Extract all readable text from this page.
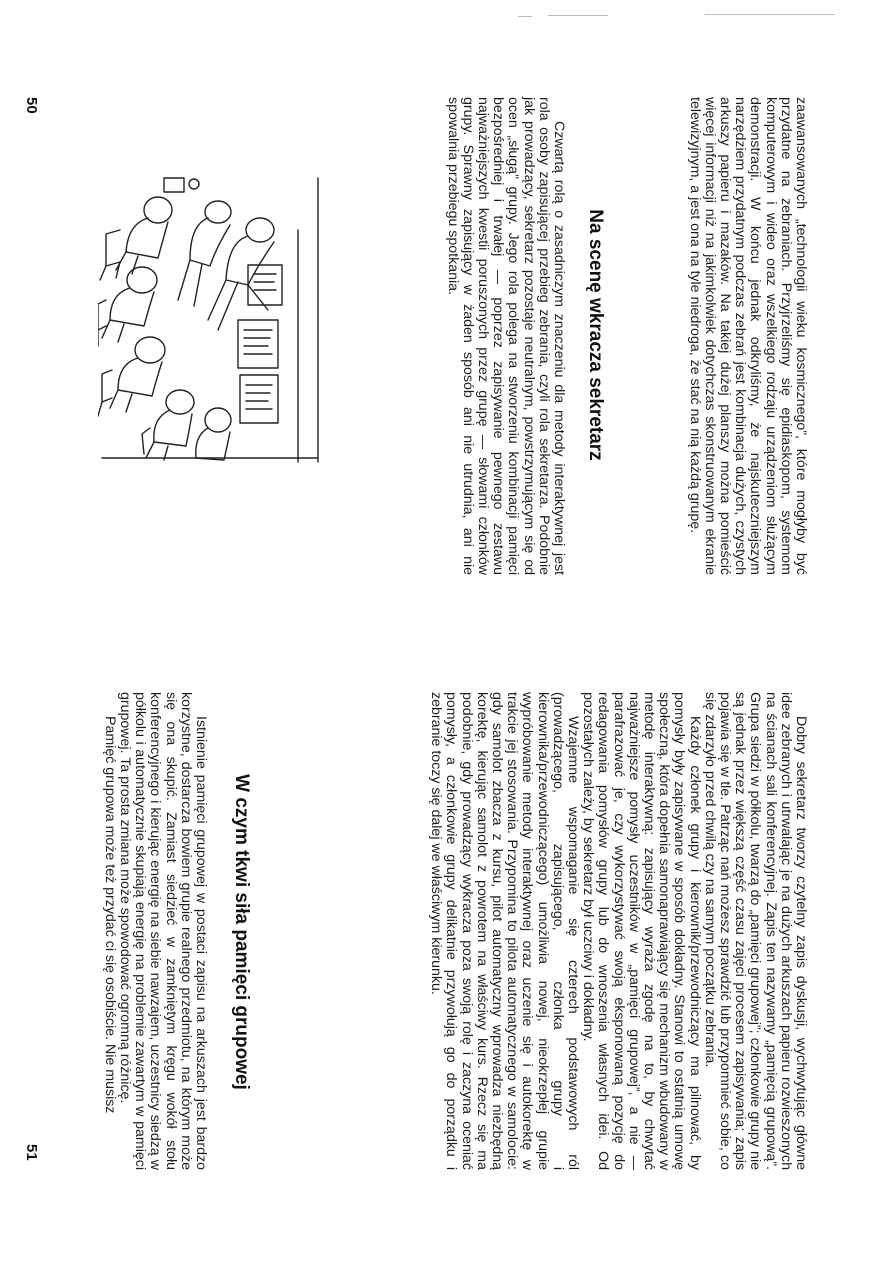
50	zaawansowanych „technologii wieku kosmicznego”, które mogłyby być przydatne na zebraniach. Przyjrzeliśmy się epidiaskopom, systemom komputerowym i wideo oraz wszelkiego rodzaju urządzeniom służącym demonstracji. W końcu jednak odkryliśmy, że najskuteczniejszym narzędziem przydatnym podczas zebrań jest kombinacja dużych, czystych arkuszy papieru i mazaków. Na takiej dużej planszy można pomieścić więcej informacji niż na jakimkolwiek dotychczas skonstruowanym ekranie telewizyjnym, a jest ona na tyle niedroga, że stać na nią każdą grupę.

Na scenę wkracza sekretarz

Czwartą rolą o zasadniczym znaczeniu dla metody interaktywnej jest rola osoby zapisującej przebieg zebrania, czyli rola sekretarza. Podobnie jak prowadzący, sekretarz pozostaje neutralnym, powstrzymującym się od ocen „sługą” grupy. Jego rola polega na stworzeniu kombinacji pamięci bezpośredniej i trwałej — poprzez zapisywanie pewnego zestawu najważniejszych kwestii poruszonych przez grupę — słowami członków grupy. Sprawny zapisujący w żaden sposób ani nie utrudnia, ani nie spowalnia przebiegu spotkania.

51	Dobry sekretarz tworzy czytelny zapis dyskusji, wychwytując główne idee zebranych i utrwalając je na dużych arkuszach papieru rozwieszonych na ścianach sali konferencyjnej. Zapis ten nazywamy „pamięcią grupową”. Grupa siedzi w półkolu, twarzą do „pamięci grupowej”; członkowie grupy nie są jednak przez większą część czasu zajęci procesem zapisywania; zapis pojawia się w tle. Patrząc nań możesz sprawdzić lub przypomnieć sobie, co się zdarzyło przed chwilą czy na samym początku zebrania.

Każdy członek grupy i kierownik/przewodniczący ma pilnować, by pomysły były zapisywane w sposób dokładny. Stanowi to ostatnią umowę społeczną, która dopełnia samonaprawiający się mechanizm wbudowany w metodę interaktywną: zapisujący wyraża zgodę na to, by chwytać najważniejsze pomysły uczestników w „pamięci grupowej”, a nie — parafrazować je, czy wykorzystywać swoją eksponowaną pozycję do redagowania pomysłów grupy lub do wnoszenia własnych idei. Od pozostałych zależy, by sekretarz był uczciwy i dokładny.

Wzajemne wspomaganie się czterech podstawowych ról (prowadzącego, zapisującego, członka grupy i kierownika/przewodniczącego) umożliwia nowej, nieokrzepłej grupie wypróbowanie metody interaktywnej oraz uczenie się i autokorektę w trakcie jej stosowania. Przypomina to pilota automatycznego w samolocie: gdy samolot zbacza z kursu, pilot automatyczny wprowadza niezbędną korektę, kierując samolot z powrotem na właściwy kurs. Rzecz się ma podobnie, gdy prowadzący wykracza poza swoją rolę i zaczyna oceniać pomysły, a członkowie grupy delikatnie przywołują go do porządku i zebranie toczy się dalej we właściwym kierunku.

W czym tkwi siła pamięci grupowej

Istnienie pamięci grupowej w postaci zapisu na arkuszach jest bardzo korzystne, dostarcza bowiem grupie realnego przedmiotu, na którym może się ona skupić. Zamiast siedzieć w zamkniętym kręgu wokół stołu konferencyjnego i kierując energię na siebie nawzajem, uczestnicy siedzą w półkolu i automatycznie skupiają energię na problemie zawartym w pamięci grupowej. Ta prosta zmiana może spowodować ogromną różnicę.

Pamięć grupowa może też przydać ci się osobiście. Nie musisz
